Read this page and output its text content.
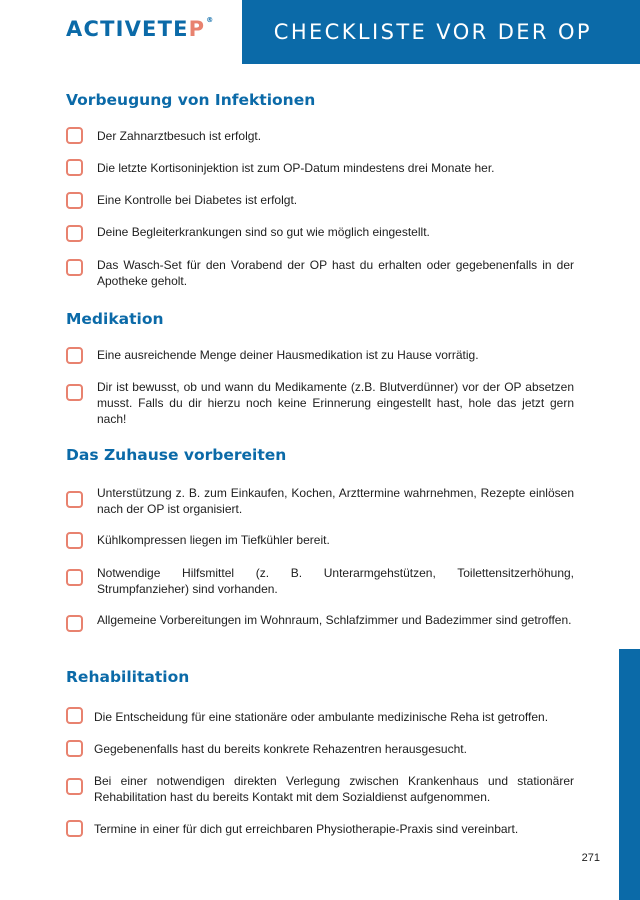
ACTIVETEP®	CHECKLISTE VOR DER OP
Vorbeugung von Infektionen
Der Zahnarztbesuch ist erfolgt.
Die letzte Kortisoninjektion ist zum OP-Datum mindestens drei Monate her.
Eine Kontrolle bei Diabetes ist erfolgt.
Deine Begleiterkrankungen sind so gut wie möglich eingestellt.
Das Wasch-Set für den Vorabend der OP hast du erhalten oder gegebenenfalls in der Apotheke geholt.
Medikation
Eine ausreichende Menge deiner Hausmedikation ist zu Hause vorrätig.
Dir ist bewusst, ob und wann du Medikamente (z.B. Blutverdünner) vor der OP absetzen musst. Falls du dir hierzu noch keine Erinnerung eingestellt hast, hole das jetzt gern nach!
Das Zuhause vorbereiten
Unterstützung z. B. zum Einkaufen, Kochen, Arzttermine wahrnehmen, Rezepte einlösen nach der OP ist organisiert.
Kühlkompressen liegen im Tiefkühler bereit.
Notwendige Hilfsmittel (z. B. Unterarmgehstützen, Toilettensitzerhöhung, Strumpfanzieher) sind vorhanden.
Allgemeine Vorbereitungen im Wohnraum, Schlafzimmer und Badezimmer sind getroffen.
Rehabilitation
Die Entscheidung für eine stationäre oder ambulante medizinische Reha ist getroffen.
Gegebenenfalls hast du bereits konkrete Rehazentren herausgesucht.
Bei einer notwendigen direkten Verlegung zwischen Krankenhaus und stationärer Rehabilitation hast du bereits Kontakt mit dem Sozialdienst aufgenommen.
Termine in einer für dich gut erreichbaren Physiotherapie-Praxis sind vereinbart.
271
